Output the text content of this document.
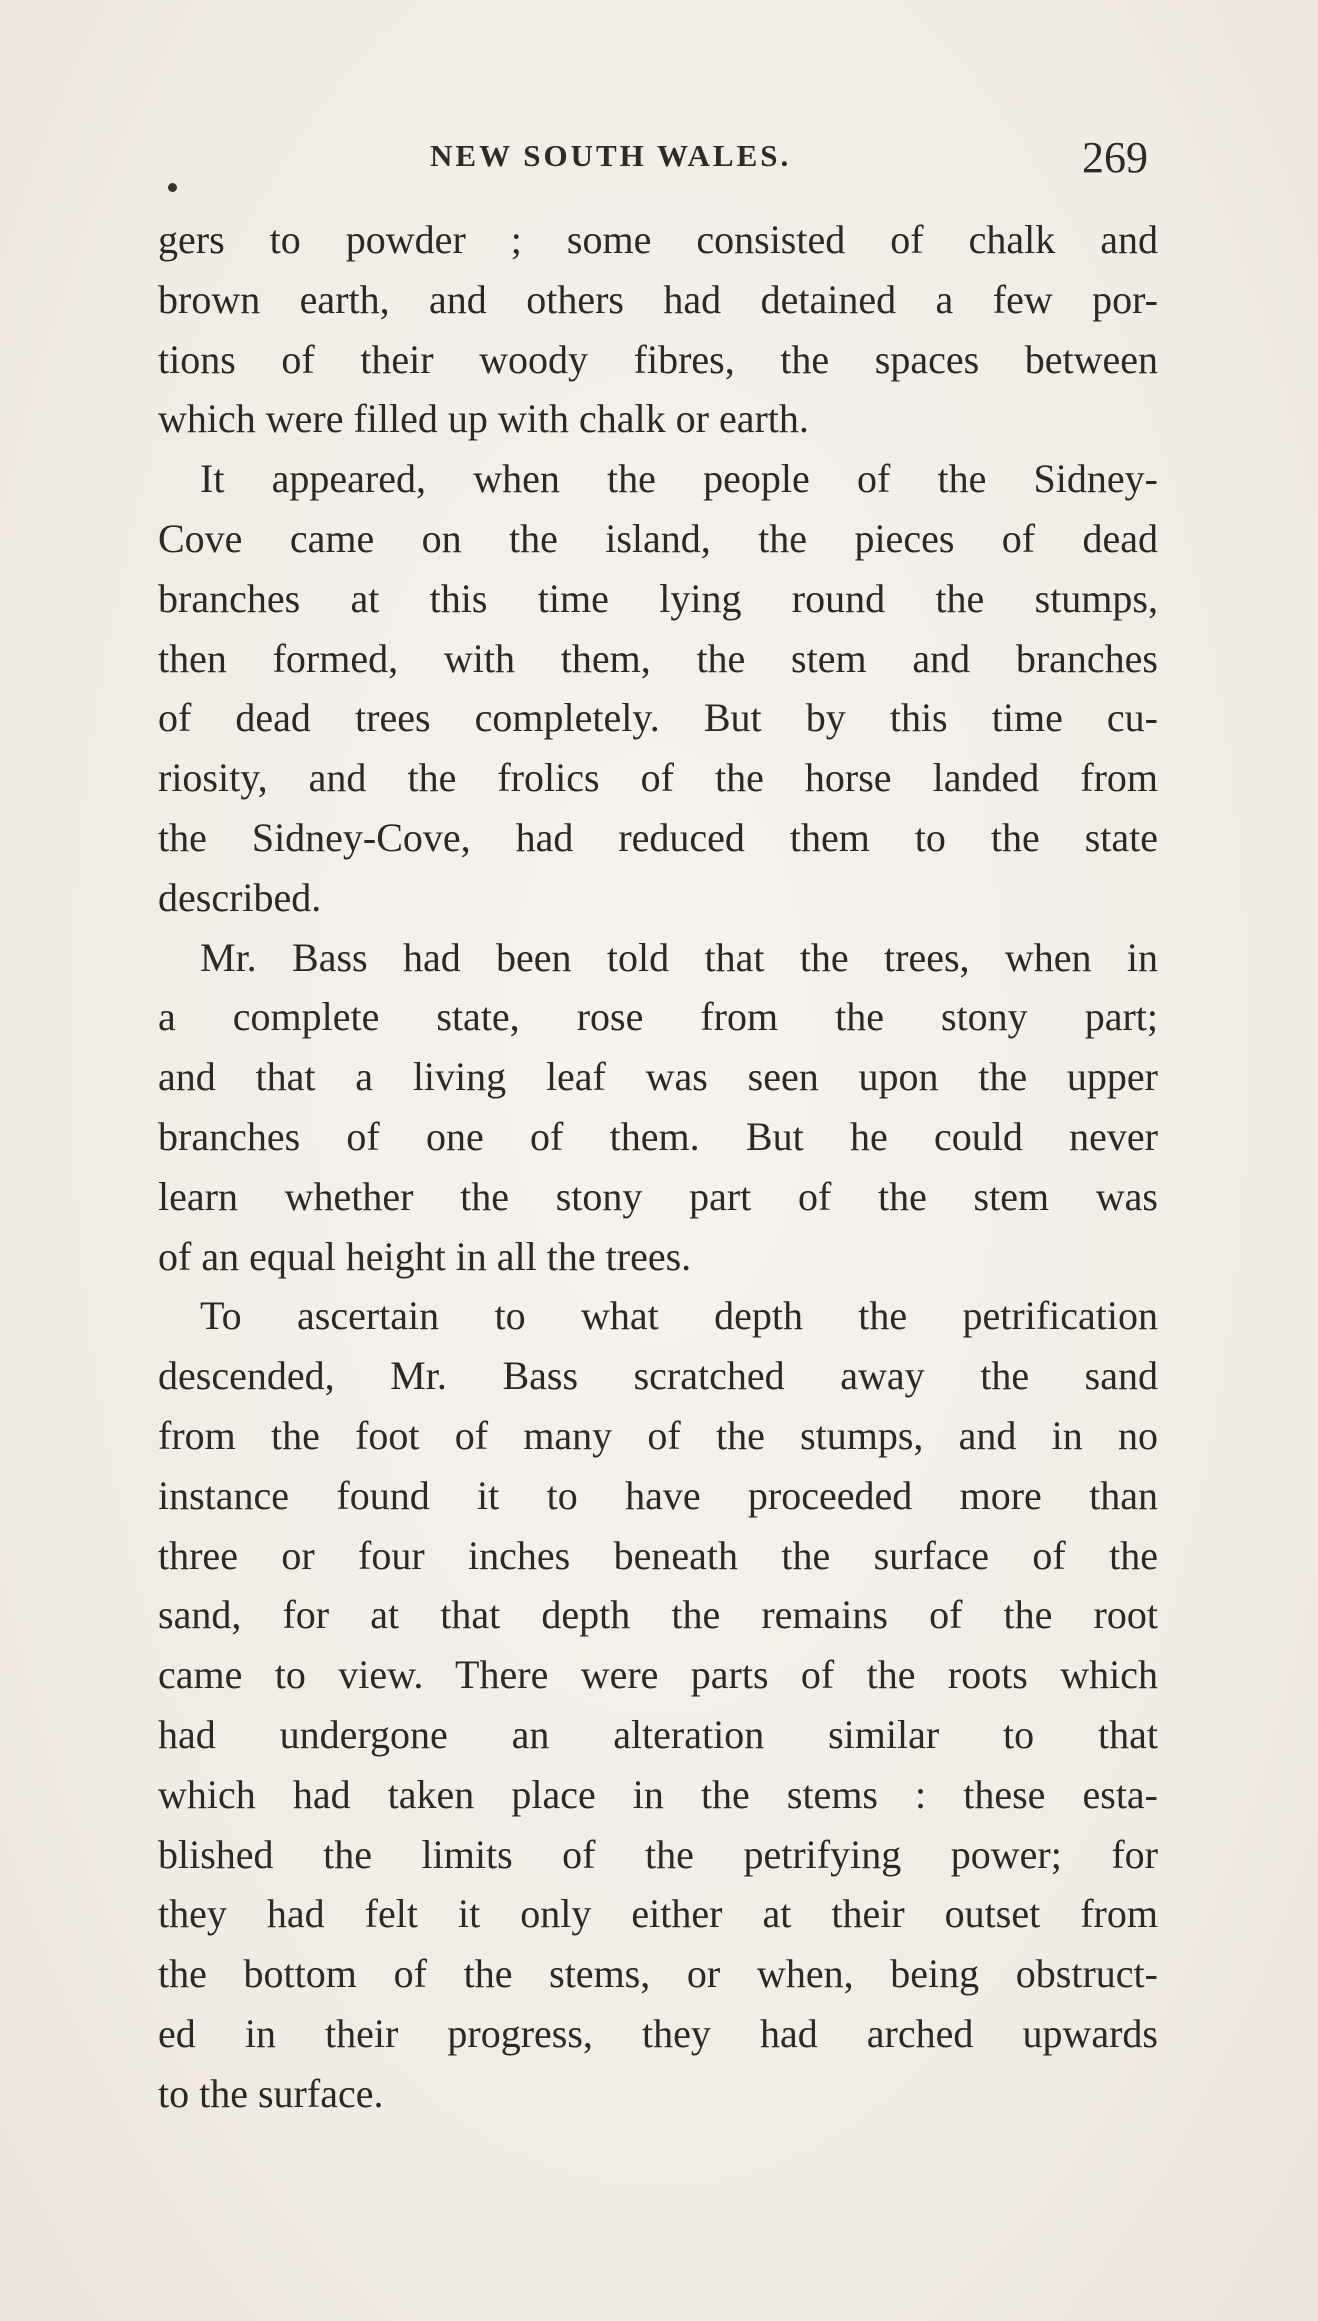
NEW SOUTH WALES.	269
gers to powder ; some consisted of chalk and
brown earth, and others had detained a few por-
tions of their woody fibres, the spaces between
which were filled up with chalk or earth.
It appeared, when the people of the Sidney-
Cove came on the island, the pieces of dead
branches at this time lying round the stumps,
then formed, with them, the stem and branches
of dead trees completely. But by this time cu-
riosity, and the frolics of the horse landed from
the Sidney-Cove, had reduced them to the state
described.
Mr. Bass had been told that the trees, when in
a complete state, rose from the stony part;
and that a living leaf was seen upon the upper
branches of one of them. But he could never
learn whether the stony part of the stem was
of an equal height in all the trees.
To ascertain to what depth the petrification
descended, Mr. Bass scratched away the sand
from the foot of many of the stumps, and in no
instance found it to have proceeded more than
three or four inches beneath the surface of the
sand, for at that depth the remains of the root
came to view. There were parts of the roots which
had undergone an alteration similar to that
which had taken place in the stems : these esta-
blished the limits of the petrifying power; for
they had felt it only either at their outset from
the bottom of the stems, or when, being obstruct-
ed in their progress, they had arched upwards
to the surface.
